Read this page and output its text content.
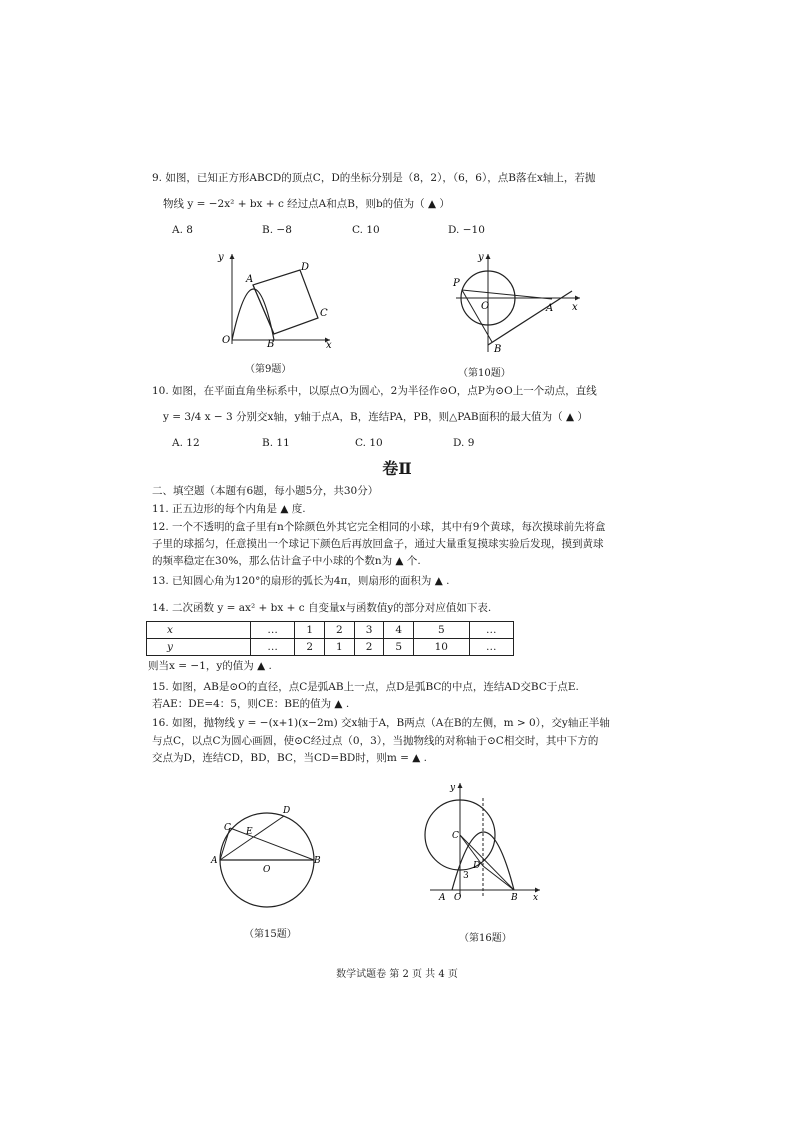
9. 如图，已知正方形ABCD的顶点C，D的坐标分别是（8，2），（6，6），点B落在x轴上，若抛
物线 y = −2x² + bx + c 经过点A和点B，则b的值为（ ▲ ）
A. 8	B. −8	C. 10	D. −10
y
A
D
C
O	B	x
（第9题）
y
P
O	A x
B
（第10题）
10. 如图，在平面直角坐标系中，以原点O为圆心，2为半径作⊙O，点P为⊙O上一个动点，直线
y = 3/4 x − 3 分别交x轴，y轴于点A，B，连结PA，PB，则△PAB面积的最大值为（ ▲ ）
A. 12	B. 11	C. 10	D. 9
卷Ⅱ
二、填空题（本题有6题，每小题5分，共30分）
11. 正五边形的每个内角是 ▲ 度.
12. 一个不透明的盒子里有n个除颜色外其它完全相同的小球，其中有9个黄球，每次摸球前先将盒
子里的球摇匀，任意摸出一个球记下颜色后再放回盒子，通过大量重复摸球实验后发现，摸到黄球
的频率稳定在30%，那么估计盒子中小球的个数n为 ▲ 个.
13. 已知圆心角为120°的扇形的弧长为4π，则扇形的面积为 ▲ .
14. 二次函数 y = ax² + bx + c 自变量x与函数值y的部分对应值如下表.
x	…	1	2	3	4	5	…
y	…	2	1	2	5	10	…
则当x = −1，y的值为 ▲ .
15. 如图，AB是⊙O的直径，点C是弧AB上一点，点D是弧BC的中点，连结AD交BC于点E.
若AE：DE=4：5，则CE：BE的值为 ▲ .
16. 如图，抛物线 y = −(x+1)(x−2m) 交x轴于A，B两点（A在B的左侧，m > 0），交y轴正半轴
与点C，以点C为圆心画圆，使⊙C经过点（0，3），当抛物线的对称轴于⊙C相交时，其中下方的
交点为D，连结CD，BD，BC，当CD=BD时，则m = ▲ .
C E
D
A
O
B
（第15题）
y
C
D
3
A O	B x
（第16题）
数学试题卷 第 2 页 共 4 页
